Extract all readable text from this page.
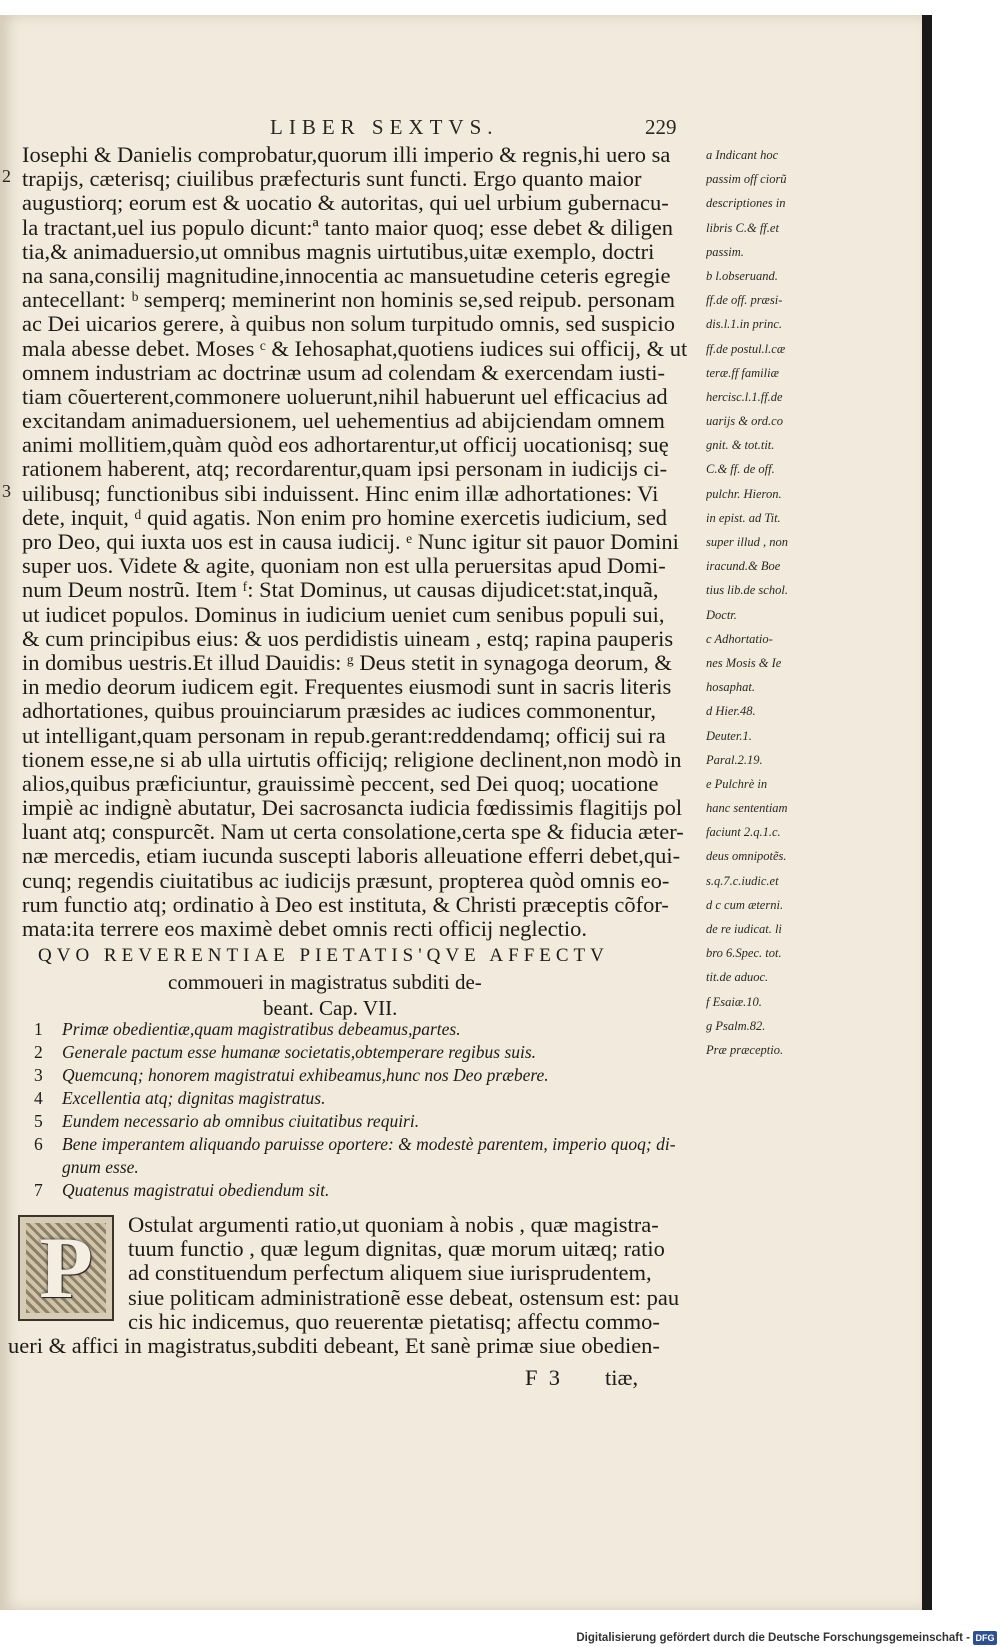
LIBER SEXTVS.	229
2
3
Iosephi & Danielis comprobatur,quorum illi imperio & regnis,hi uero sa
trapijs, cæterisq; ciuilibus præfecturis sunt functi. Ergo quanto maior
augustiorq; eorum est & uocatio & autoritas, qui uel urbium gubernacu-
la tractant,uel ius populo dicunt:ª tanto maior quoq; esse debet & diligen
tia,& animaduersio,ut omnibus magnis uirtutibus,uitæ exemplo, doctri
na sana,consilij magnitudine,innocentia ac mansuetudine ceteris egregie
antecellant: ᵇ semperq; meminerint non hominis se,sed reipub. personam
ac Dei uicarios gerere, à quibus non solum turpitudo omnis, sed suspicio
mala abesse debet. Moses ᶜ & Iehosaphat,quotiens iudices sui officij, & ut
omnem industriam ac doctrinæ usum ad colendam & exercendam iusti-
tiam cõuerterent,commonere uoluerunt,nihil habuerunt uel efficacius ad
excitandam animaduersionem, uel uehementius ad abijciendam omnem
animi mollitiem,quàm quòd eos adhortarentur,ut officij uocationisq; suę
rationem haberent, atq; recordarentur,quam ipsi personam in iudicijs ci-
uilibusq; functionibus sibi induissent. Hinc enim illæ adhortationes: Vi
dete, inquit, ᵈ quid agatis. Non enim pro homine exercetis iudicium, sed
pro Deo, qui iuxta uos est in causa iudicij. ᵉ Nunc igitur sit pauor Domini
super uos. Videte & agite, quoniam non est ulla peruersitas apud Domi-
num Deum nostrũ. Item ᶠ: Stat Dominus, ut causas dijudicet:stat,inquã,
ut iudicet populos. Dominus in iudicium ueniet cum senibus populi sui,
& cum principibus eius: & uos perdidistis uineam , estq; rapina pauperis
in domibus uestris.Et illud Dauidis: ᵍ Deus stetit in synagoga deorum, &
in medio deorum iudicem egit. Frequentes eiusmodi sunt in sacris literis
adhortationes, quibus prouinciarum præsides ac iudices commonentur,
ut intelligant,quam personam in repub.gerant:reddendamq; officij sui ra
tionem esse,ne si ab ulla uirtutis officijq; religione declinent,non modò in
alios,quibus præficiuntur, grauissimè peccent, sed Dei quoq; uocatione
impiè ac indignè abutatur, Dei sacrosancta iudicia fœdissimis flagitijs pol
luant atq; conspurcẽt. Nam ut certa consolatione,certa spe & fiducia æter-
næ mercedis, etiam iucunda suscepti laboris alleuatione efferri debet,qui-
cunq; regendis ciuitatibus ac iudicijs præsunt, propterea quòd omnis eo-
rum functio atq; ordinatio à Deo est instituta, & Christi præceptis cõfor-
mata:ita terrere eos maximè debet omnis recti officij neglectio.
a Indicant hoc
passim off ciorũ
descriptiones in
libris C.& ff.et
passim.
b l.obseruand.
ff.de off. præsi-
dis.l.1.in princ.
ff.de postul.l.cæ
teræ.ff familiæ
hercisc.l.1.ff.de
uarijs & ord.co
gnit. & tot.tit.
C.& ff. de off.
pulchr. Hieron.
in epist. ad Tit.
super illud , non
iracund.& Boe
tius lib.de schol.
Doctr.
c Adhortatio-
nes Mosis & Ie
hosaphat.
d Hier.48.
Deuter.1.
Paral.2.19.
e Pulchrè in
hanc sententiam
faciunt 2.q.1.c.
deus omnipotẽs.
s.q.7.c.iudic.et
d c cum æterni.
de re iudicat. li
bro 6.Spec. tot.
tit.de aduoc.
f Esaiæ.10.
g Psalm.82.
Præ præceptio.
QVO REVERENTIAE PIETATIS'QVE AFFECTV
commoueri in magistratus subditi de-
beant. Cap. VII.
1 Primæ obedientiæ,quam magistratibus debeamus,partes.
2 Generale pactum esse humanæ societatis,obtemperare regibus suis.
3 Quemcunq; honorem magistratui exhibeamus,hunc nos Deo præbere.
4 Excellentia atq; dignitas magistratus.
5 Eundem necessario ab omnibus ciuitatibus requiri.
6 Bene imperantem aliquando paruisse oportere: & modestè parentem, imperio quoq; di-gnum esse.
7 Quatenus magistratui obediendum sit.
P	Ostulat argumenti ratio,ut quoniam à nobis , quæ magistra-
tuum functio , quæ legum dignitas, quæ morum uitæq; ratio
ad constituendum perfectum aliquem siue iurisprudentem,
siue politicam administrationẽ esse debeat, ostensum est: pau
cis hic indicemus, quo reuerentæ pietatisq; affectu commo-
ueri & affici in magistratus,subditi debeant, Et sanè primæ siue obedien-
F  3        tiæ,
Digitalisierung gefördert durch die Deutsche Forschungsgemeinschaft - DFG
